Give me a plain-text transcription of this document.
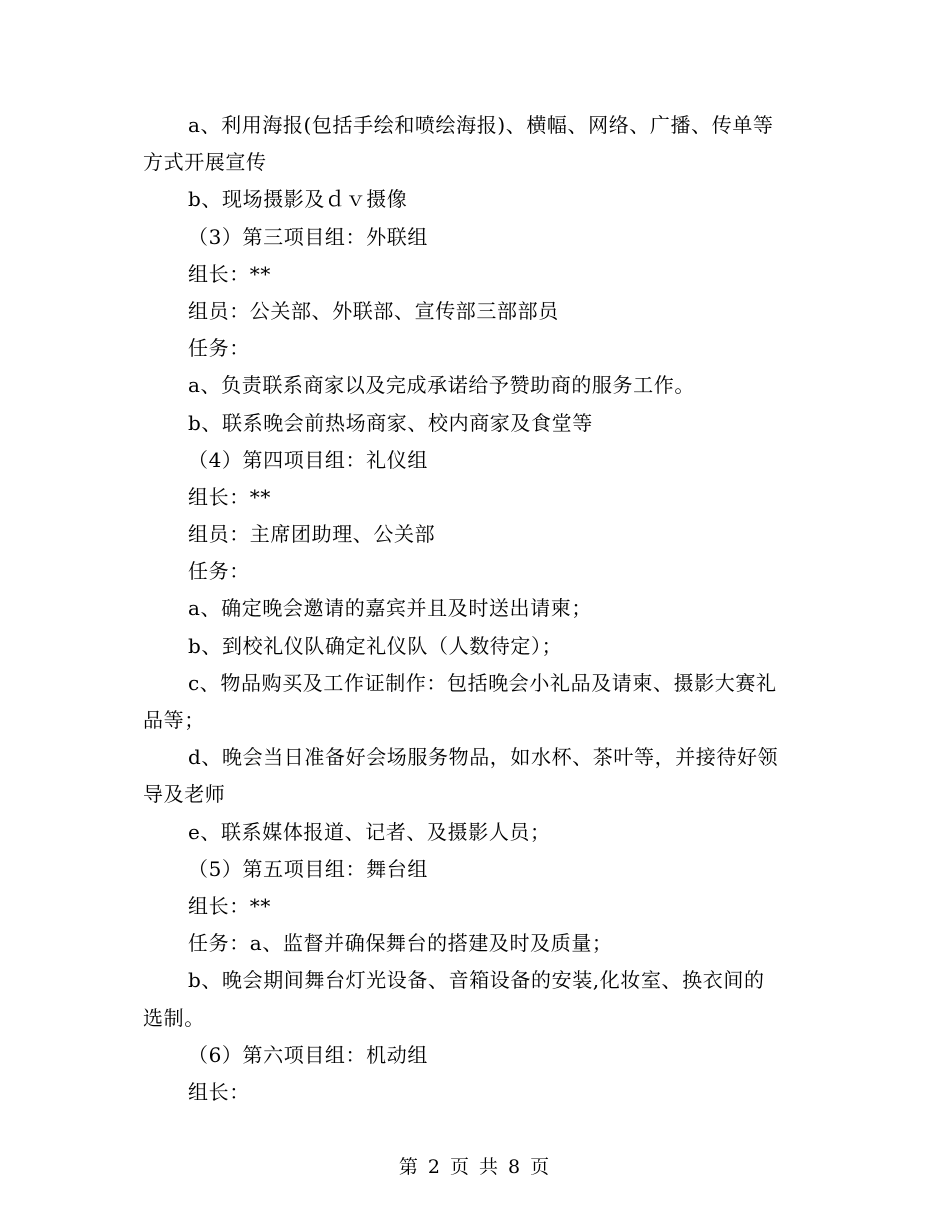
a、利用海报(包括手绘和喷绘海报)、横幅、网络、广播、传单等
方式开展宣传
b、现场摄影及ｄｖ摄像
（3）第三项目组：外联组
组长：**
组员：公关部、外联部、宣传部三部部员
任务：
a、负责联系商家以及完成承诺给予赞助商的服务工作。
b、联系晚会前热场商家、校内商家及食堂等
（4）第四项目组：礼仪组
组长：**
组员：主席团助理、公关部
任务：
a、确定晚会邀请的嘉宾并且及时送出请柬；
b、到校礼仪队确定礼仪队（人数待定）；
c、物品购买及工作证制作：包括晚会小礼品及请柬、摄影大赛礼
品等；
d、晚会当日准备好会场服务物品，如水杯、茶叶等，并接待好领
导及老师
e、联系媒体报道、记者、及摄影人员；
（5）第五项目组：舞台组
组长：**
任务：a、监督并确保舞台的搭建及时及质量；
b、晚会期间舞台灯光设备、音箱设备的安装,化妆室、换衣间的
选制。
（6）第六项目组：机动组
组长：
第 2 页 共 8 页
